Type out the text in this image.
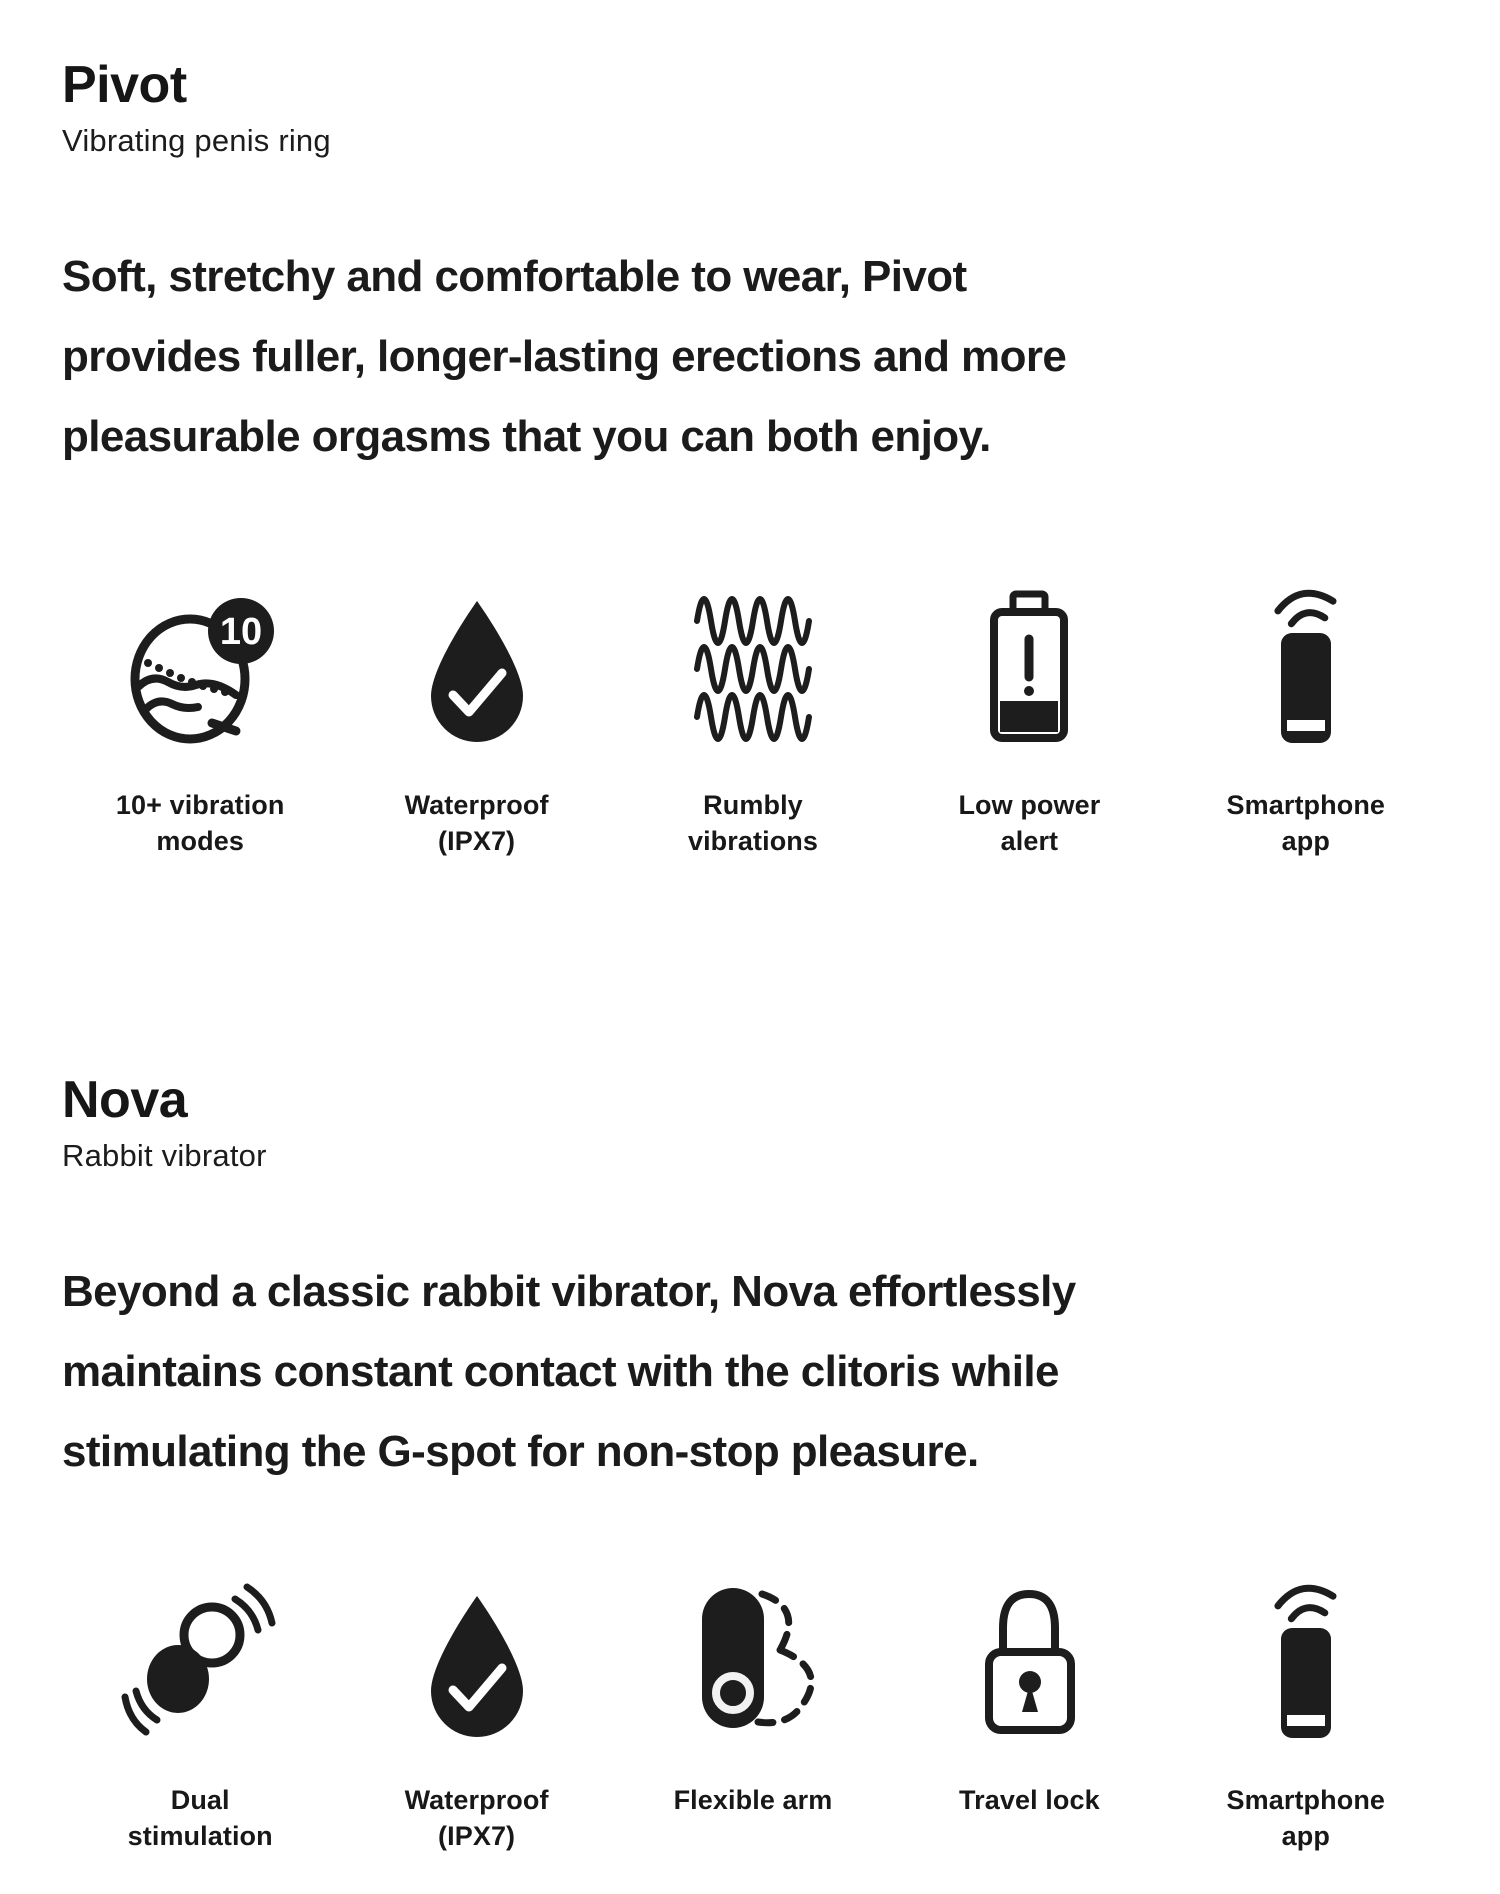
Pivot
Vibrating penis ring
Soft, stretchy and comfortable to wear, Pivot
provides fuller, longer-lasting erections and more
pleasurable orgasms that you can both enjoy.
10
10+ vibration
modes
Waterproof
(IPX7)
Rumbly
vibrations
Low power
alert
Smartphone
app
Nova
Rabbit vibrator
Beyond a classic rabbit vibrator, Nova effortlessly
maintains constant contact with the clitoris while
stimulating the G-spot for non-stop pleasure.
Dual
stimulation
Waterproof
(IPX7)
Flexible arm	Travel lock	Smartphone
app
